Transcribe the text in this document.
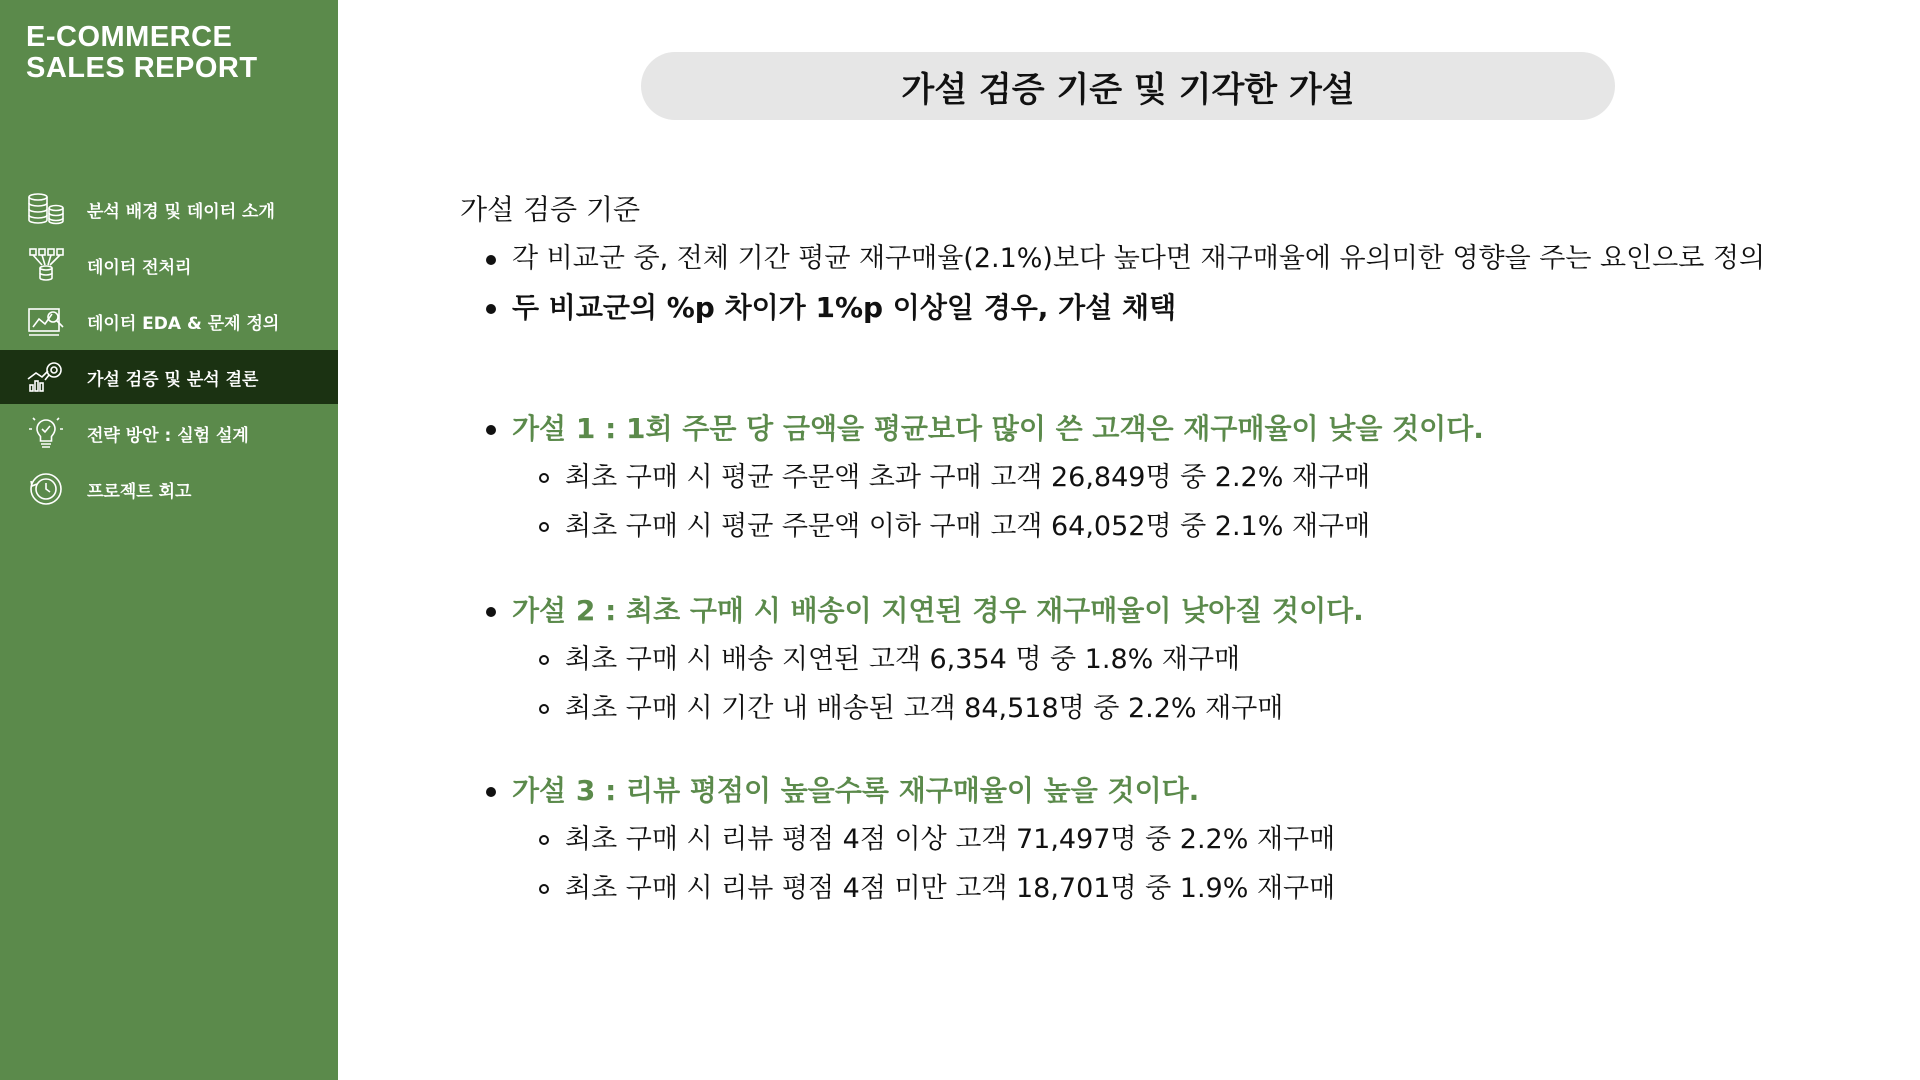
E-COMMERCE
SALES REPORT
분석 배경 및 데이터 소개
데이터 전처리
데이터 EDA & 문제 정의
가설 검증 및 분석 결론
전략 방안 : 실험 설계
프로젝트 회고
가설 검증 기준 및 기각한 가설
가설 검증 기준
각 비교군 중, 전체 기간 평균 재구매율(2.1%)보다 높다면 재구매율에 유의미한 영향을 주는 요인으로 정의
두 비교군의 %p 차이가 1%p 이상일 경우, 가설 채택
가설 1 : 1회 주문 당 금액을 평균보다 많이 쓴 고객은 재구매율이 낮을 것이다.
최초 구매 시 평균 주문액 초과 구매 고객 26,849명 중 2.2% 재구매
최초 구매 시 평균 주문액 이하 구매 고객 64,052명 중 2.1% 재구매
가설 2 : 최초 구매 시 배송이 지연된 경우 재구매율이 낮아질 것이다.
최초 구매 시 배송 지연된 고객 6,354 명 중 1.8% 재구매
최초 구매 시 기간 내 배송된 고객 84,518명 중 2.2% 재구매
가설 3 : 리뷰 평점이 높을수록 재구매율이 높을 것이다.
최초 구매 시 리뷰 평점 4점 이상 고객 71,497명 중 2.2% 재구매
최초 구매 시 리뷰 평점 4점 미만 고객 18,701명 중 1.9% 재구매
